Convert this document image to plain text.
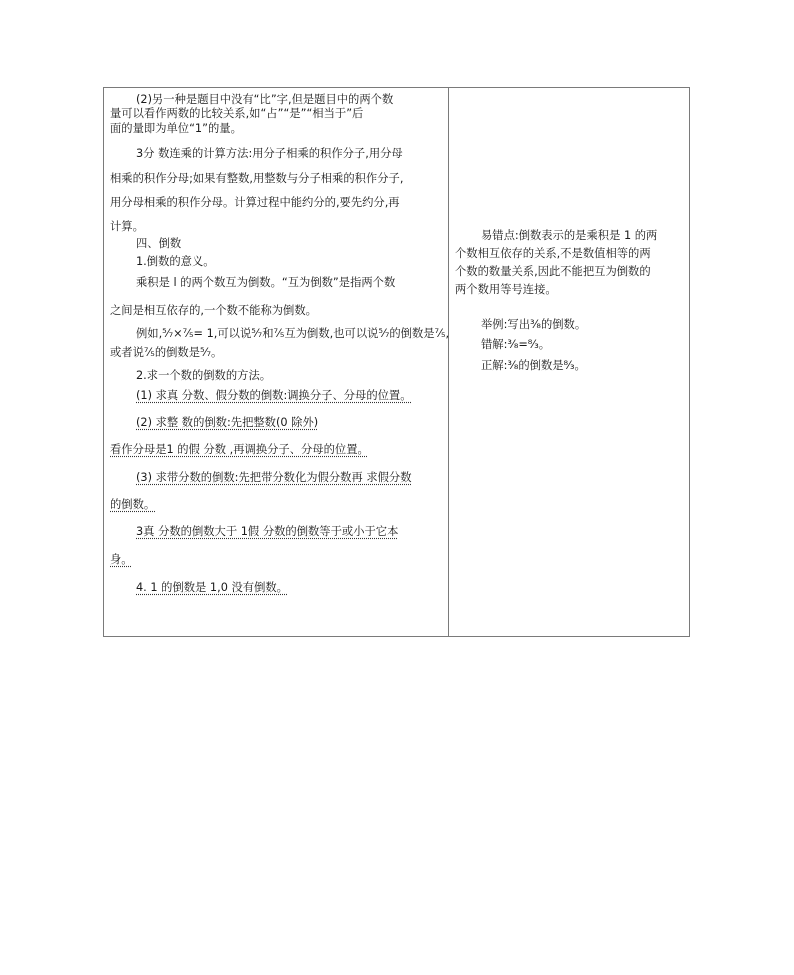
(2)另一种是题目中没有“比”字,但是题目中的两个数
量可以看作两数的比较关系,如“占”“是”“相当于”后
面的量即为单位“1”的量。
3分 数连乘的计算方法:用分子相乘的积作分子,用分母
相乘的积作分母;如果有整数,用整数与分子相乘的积作分子,
用分母相乘的积作分母。计算过程中能约分的,要先约分,再
计算。
四、倒数
1.倒数的意义。
乘积是 l 的两个数互为倒数。“互为倒数”是指两个数
之间是相互依存的,一个数不能称为倒数。
例如,⁵⁄₇×⁷⁄₅= 1,可以说⁵⁄₇和⁷⁄₅互为倒数,也可以说⁵⁄₇的倒数是⁷⁄₅,
或者说⁷⁄₅的倒数是⁵⁄₇。
2.求一个数的倒数的方法。
(1) 求真 分数、假分数的倒数:调换分子、分母的位置。
(2) 求整 数的倒数:先把整数(0 除外)
看作分母是1 的假 分数 ,再调换分子、分母的位置。
(3) 求带分数的倒数:先把带分数化为假分数再 求假分数
的倒数。
3真 分数的倒数大于 1假 分数的倒数等于或小于它本
身。
4. 1 的倒数是 1,0 没有倒数。
易错点:倒数表示的是乘积是 1 的两
个数相互依存的关系,不是数值相等的两
个数的数量关系,因此不能把互为倒数的
两个数用等号连接。
举例:写出³⁄₈的倒数。
错解:³⁄₈=⁸⁄₃。
正解:³⁄₈的倒数是⁸⁄₃。
